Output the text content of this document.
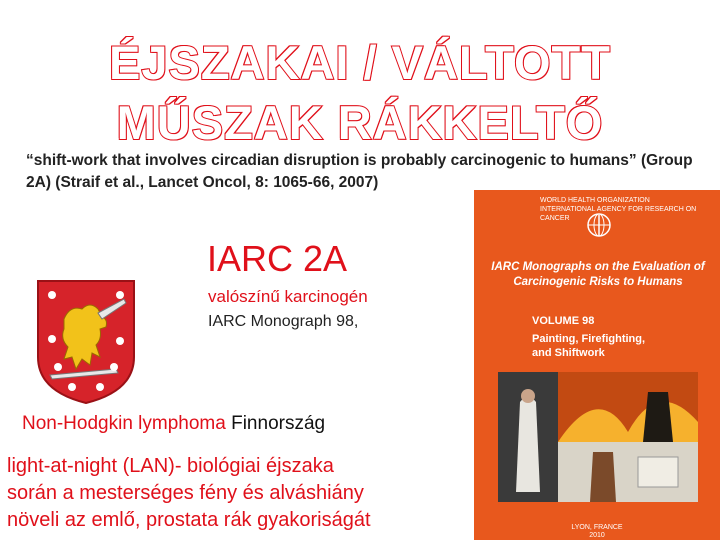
ÉJSZAKAI / VÁLTOTT
MŰSZAK RÁKKELTŐ
“shift-work that involves circadian disruption is probably carcinogenic to humans” (Group 2A) (Straif et al., Lancet Oncol, 8: 1065-66, 2007)
IARC 2A
valószínű karcinogén
IARC Monograph 98,
Non-Hodgkin lymphoma Finnország
light-at-night (LAN)- biológiai éjszaka
során a mesterséges fény és alváshiány
növeli az emlő, prostata rák gyakoriságát
WORLD HEALTH ORGANIZATION
INTERNATIONAL AGENCY FOR RESEARCH ON CANCER
IARC Monographs on the Evaluation of
Carcinogenic Risks to Humans
VOLUME 98
Painting, Firefighting,
and Shiftwork
LYON, FRANCE
2010
